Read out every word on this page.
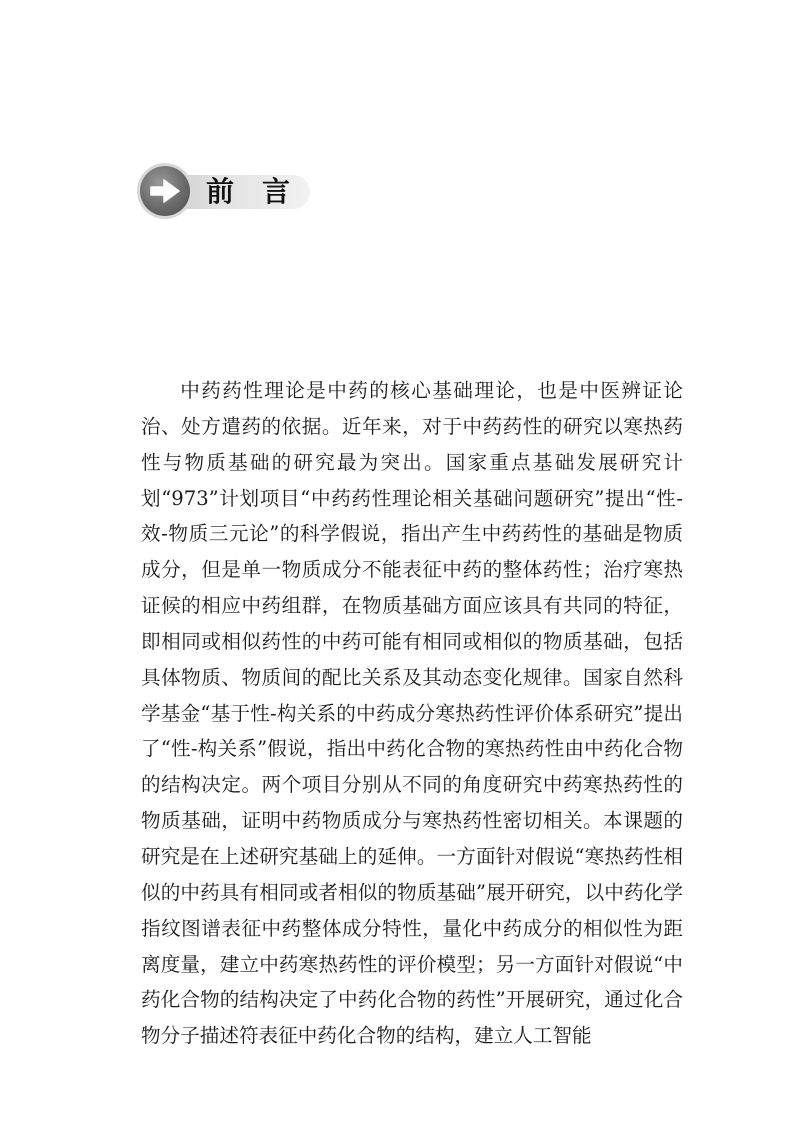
前言

中药药性理论是中药的核心基础理论，也是中医辨证论治、处方遣药的依据。近年来，对于中药药性的研究以寒热药性与物质基础的研究最为突出。国家重点基础发展研究计划“973”计划项目“中药药性理论相关基础问题研究”提出“性-效-物质三元论”的科学假说，指出产生中药药性的基础是物质成分，但是单一物质成分不能表征中药的整体药性；治疗寒热证候的相应中药组群，在物质基础方面应该具有共同的特征，即相同或相似药性的中药可能有相同或相似的物质基础，包括具体物质、物质间的配比关系及其动态变化规律。国家自然科学基金“基于性-构关系的中药成分寒热药性评价体系研究”提出了“性-构关系”假说，指出中药化合物的寒热药性由中药化合物的结构决定。两个项目分别从不同的角度研究中药寒热药性的物质基础，证明中药物质成分与寒热药性密切相关。本课题的研究是在上述研究基础上的延伸。一方面针对假说“寒热药性相似的中药具有相同或者相似的物质基础”展开研究，以中药化学指纹图谱表征中药整体成分特性，量化中药成分的相似性为距离度量，建立中药寒热药性的评价模型；另一方面针对假说“中药化合物的结构决定了中药化合物的药性”开展研究，通过化合物分子描述符表征中药化合物的结构，建立人工智能
